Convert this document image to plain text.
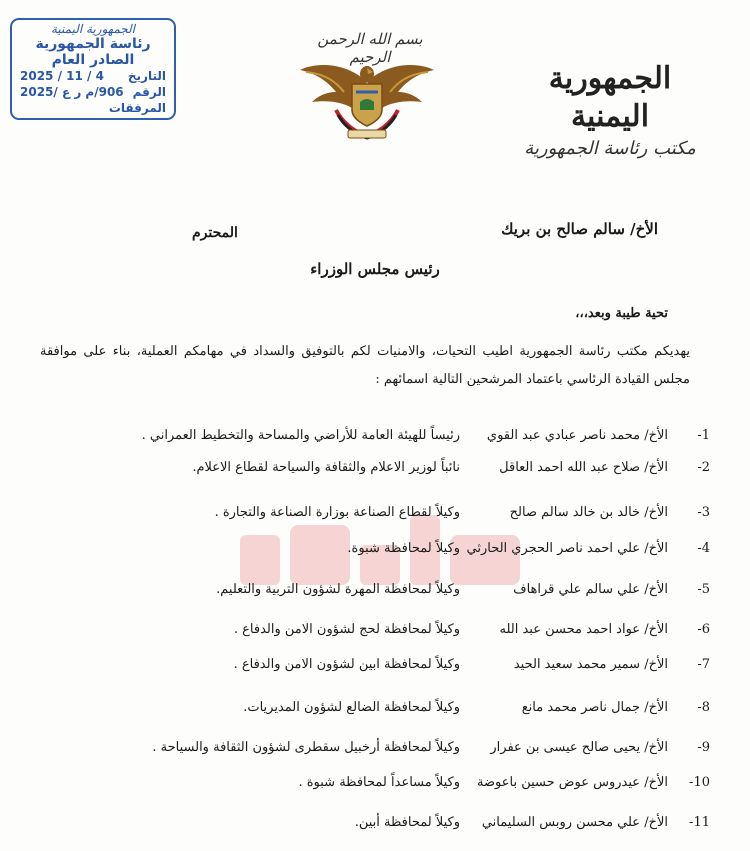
الجمهورية اليمنية
رئاسة الجمهورية
الصادر العام
التاريخ
4 / 11 / 2025
الرقم
906/م ر ع /2025
المرفقات
بسم الله الرحمن الرحيم
الجمهورية اليمنية
مكتب رئاسة الجمهورية
الأخ/ سالم صالح بن بريك
المحترم
رئيس مجلس الوزراء
تحية طيبة وبعد،،،
يهديكم مكتب رئاسة الجمهورية اطيب التحيات، والامنيات لكم بالتوفيق والسداد في مهامكم العملية، بناء على موافقة مجلس القيادة الرئاسي باعتماد المرشحين التالية اسمائهم :
1-
الأخ/ محمد ناصر عبادي عبد القوي
رئيساً للهيئة العامة للأراضي والمساحة والتخطيط العمراني .
2-
الأخ/ صلاح عبد الله احمد العاقل
نائباً لوزير الاعلام والثقافة والسياحة لقطاع الاعلام.
3-
الأخ/ خالد بن خالد سالم صالح
وكيلاً لقطاع الصناعة بوزارة الصناعة والتجارة .
4-
الأخ/ علي احمد ناصر الحجري الحارثي
وكيلاً لمحافظة شبوة.
5-
الأخ/ علي سالم علي قراهاف
وكيلاً لمحافظة المهرة لشؤون التربية والتعليم.
6-
الأخ/ عواد احمد محسن عبد الله
وكيلاً لمحافظة لحج لشؤون الامن والدفاع .
7-
الأخ/ سمير محمد سعيد الحيد
وكيلاً لمحافظة ابين لشؤون الامن والدفاع .
8-
الأخ/ جمال ناصر محمد مانع
وكيلاً لمحافظة الضالع لشؤون المديريات.
9-
الأخ/ يحيى صالح عيسى بن عفرار
وكيلاً لمحافظة أرخبيل سقطرى لشؤون الثقافة والسياحة .
10-
الأخ/ عيدروس عوض حسين باعوضة
وكيلاً مساعداً لمحافظة شبوة .
11-
الأخ/ علي محسن روبس السليماني
وكيلاً لمحافظة أبين.
